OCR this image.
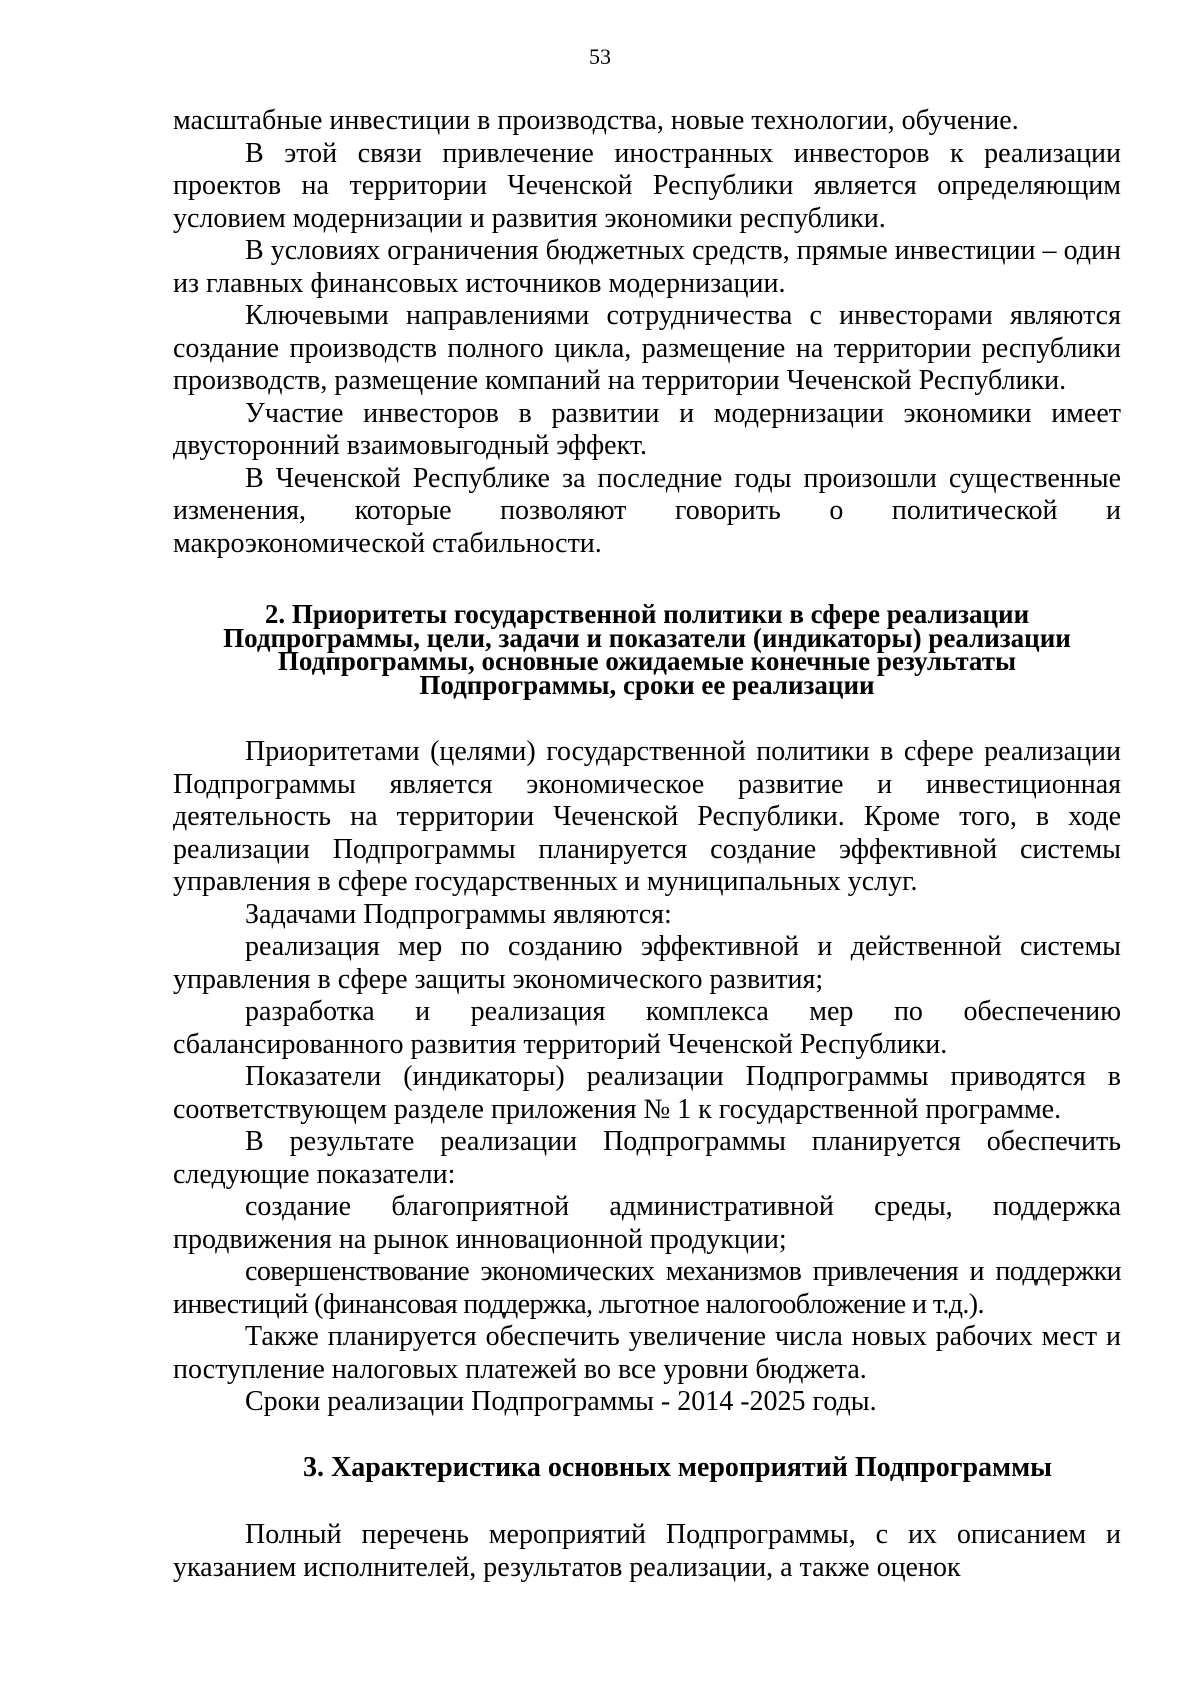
53

масштабные инвестиции в производства, новые технологии, обучение.

В этой связи привлечение иностранных инвесторов к реализации проектов на территории Чеченской Республики является определяющим условием модернизации и развития экономики республики.

В условиях ограничения бюджетных средств, прямые инвестиции – один из главных финансовых источников модернизации.

Ключевыми направлениями сотрудничества с инвесторами являются создание производств полного цикла, размещение на территории республики производств, размещение компаний на территории Чеченской Республики.

Участие инвесторов в развитии и модернизации экономики имеет двусторонний взаимовыгодный эффект.

В Чеченской Республике за последние годы произошли существенные изменения, которые позволяют говорить о политической и макроэкономической стабильности.

2. Приоритеты государственной политики в сфере реализации
Подпрограммы, цели, задачи и показатели (индикаторы) реализации
Подпрограммы, основные ожидаемые конечные результаты
Подпрограммы, сроки ее реализации

Приоритетами (целями) государственной политики в сфере реализации Подпрограммы является экономическое развитие и инвестиционная деятельность на территории Чеченской Республики. Кроме того, в ходе реализации Подпрограммы планируется создание эффективной системы управления в сфере государственных и муниципальных услуг.

Задачами Подпрограммы являются:

реализация мер по созданию эффективной и действенной системы управления в сфере защиты экономического развития;

разработка и реализация комплекса мер по обеспечению сбалансированного развития территорий Чеченской Республики.

Показатели (индикаторы) реализации Подпрограммы приводятся в соответствующем разделе приложения № 1 к государственной программе.

В результате реализации Подпрограммы планируется обеспечить следующие показатели:

создание благоприятной административной среды, поддержка продвижения на рынок инновационной продукции;

совершенствование экономических механизмов привлечения и поддержки инвестиций (финансовая поддержка, льготное налогообложение и т.д.).

Также планируется обеспечить увеличение числа новых рабочих мест и поступление налоговых платежей во все уровни бюджета.

Сроки реализации Подпрограммы - 2014 -2025 годы.

3. Характеристика основных мероприятий Подпрограммы

Полный перечень мероприятий Подпрограммы, с их описанием и указанием исполнителей, результатов реализации, а также оценок
